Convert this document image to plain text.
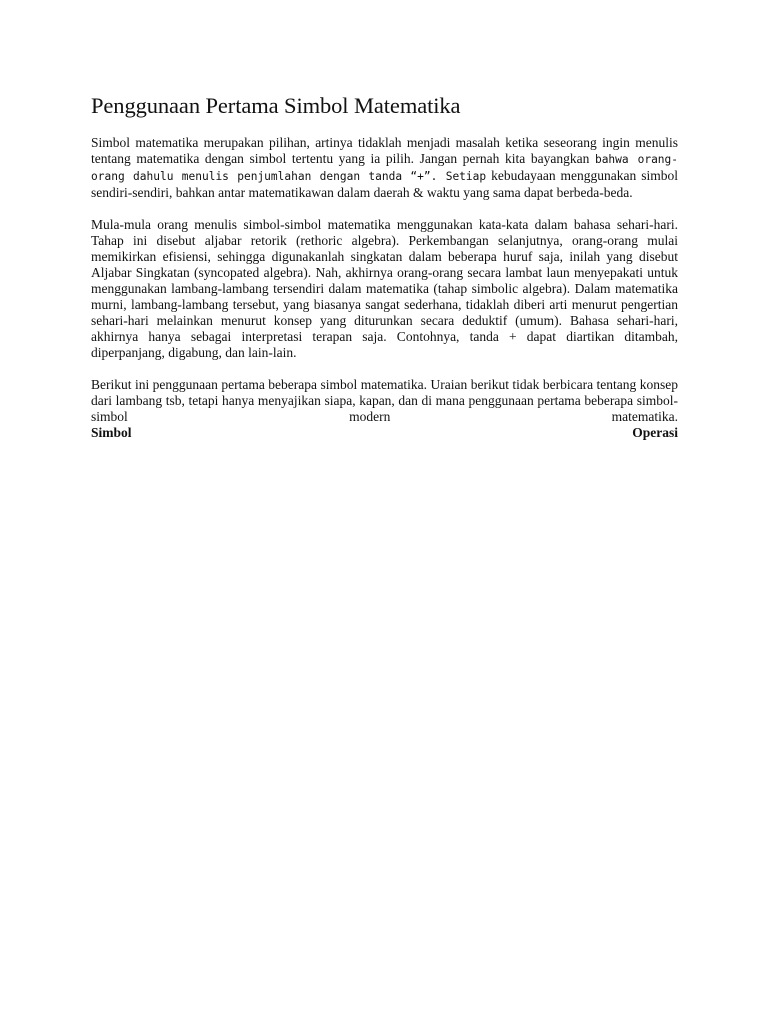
Penggunaan Pertama Simbol Matematika

Simbol matematika merupakan pilihan, artinya tidaklah menjadi masalah ketika seseorang ingin menulis tentang matematika dengan simbol tertentu yang ia pilih. Jangan pernah kita bayangkan bahwa orang-orang dahulu menulis penjumlahan dengan tanda “+”. Setiap kebudayaan menggunakan simbol sendiri-sendiri, bahkan antar matematikawan dalam daerah & waktu yang sama dapat berbeda-beda.

Mula-mula orang menulis simbol-simbol matematika menggunakan kata-kata dalam bahasa sehari-hari. Tahap ini disebut aljabar retorik (rethoric algebra). Perkembangan selanjutnya, orang-orang mulai memikirkan efisiensi, sehingga digunakanlah singkatan dalam beberapa huruf saja, inilah yang disebut Aljabar Singkatan (syncopated algebra). Nah, akhirnya orang-orang secara lambat laun menyepakati untuk menggunakan lambang-lambang tersendiri dalam matematika (tahap simbolic algebra). Dalam matematika murni, lambang-lambang tersebut, yang biasanya sangat sederhana, tidaklah diberi arti menurut pengertian sehari-hari melainkan menurut konsep yang diturunkan secara deduktif (umum). Bahasa sehari-hari, akhirnya hanya sebagai interpretasi terapan saja. Contohnya, tanda + dapat diartikan ditambah, diperpanjang, digabung, dan lain-lain.

Berikut ini penggunaan pertama beberapa simbol matematika. Uraian berikut tidak berbicara tentang konsep dari lambang tsb, tetapi hanya menyajikan siapa, kapan, dan di mana penggunaan pertama beberapa simbol-simbol modern matematika.

Simbol	Operasi
